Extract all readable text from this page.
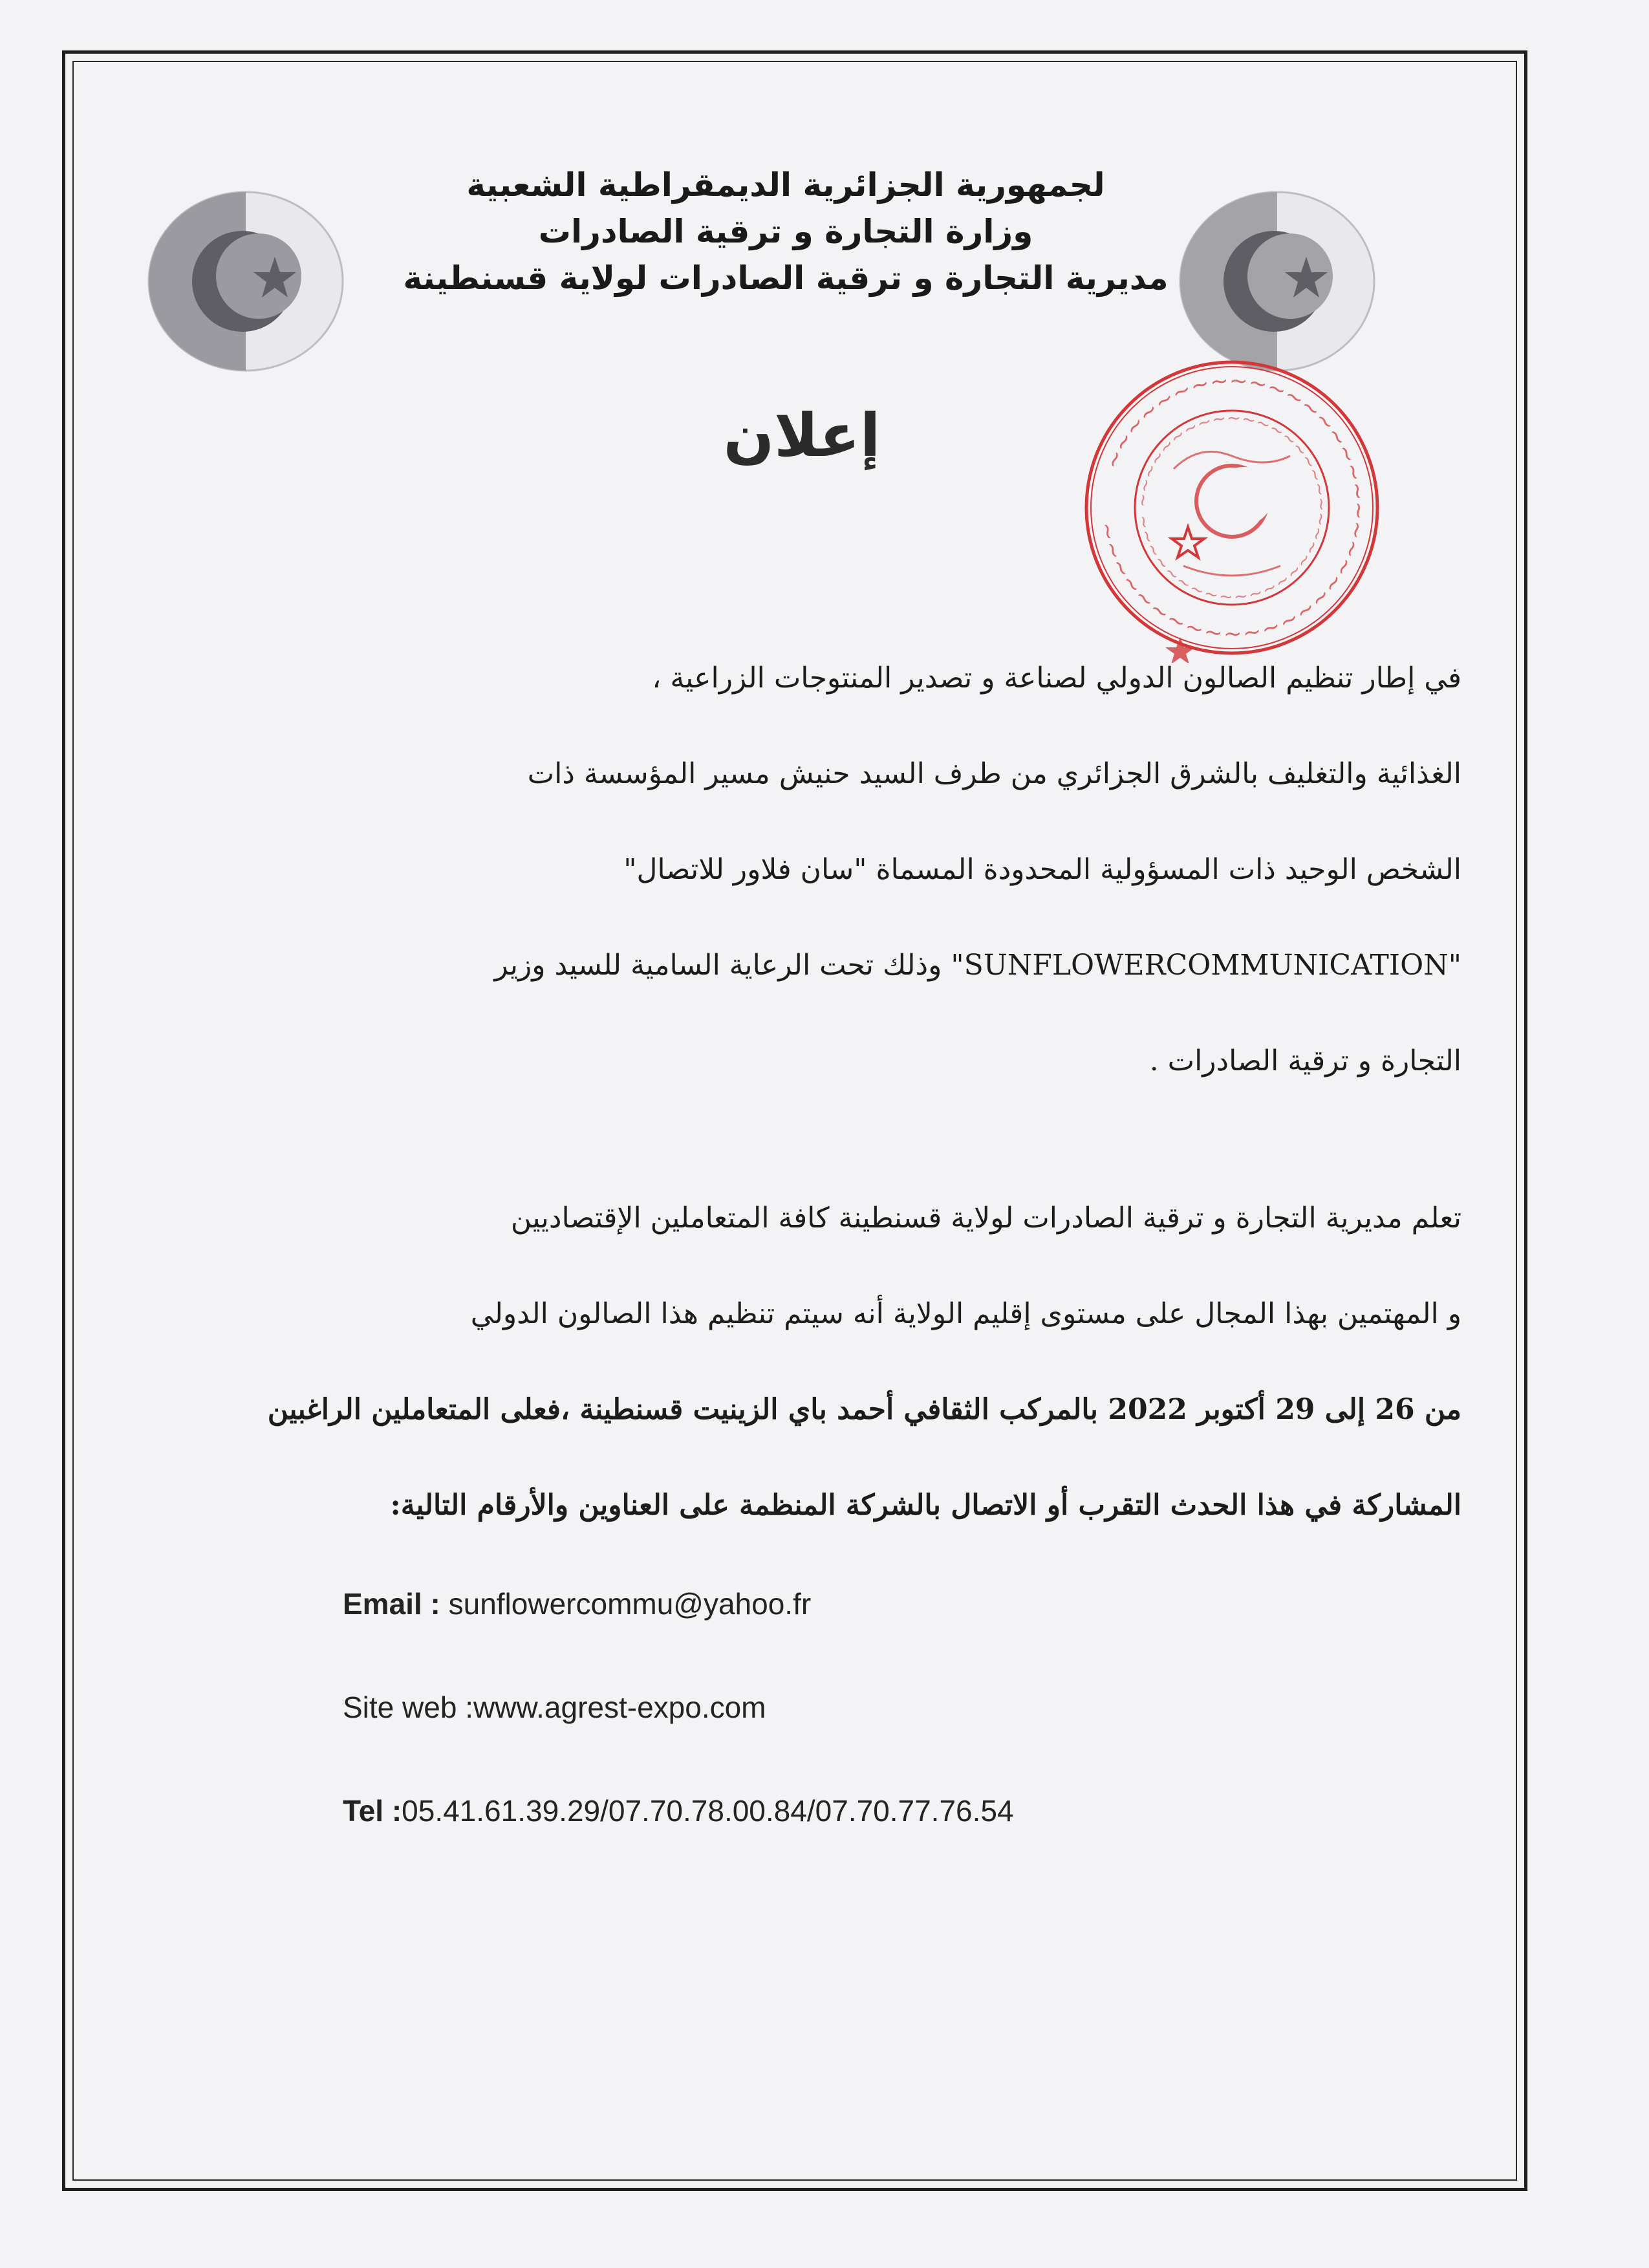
لجمهورية الجزائرية الديمقراطية الشعبية
وزارة التجارة و ترقية الصادرات
مديرية التجارة و ترقية الصادرات لولاية قسنطينة
~~~~~~~~~~~~~~~~~~~~~~~~~~~~~~~~~~~~~~
~~~~~~~~~~~~~~~~~~~~~~~~~~~~~~~~~~~~~
إعلان
في إطار تنظيم الصالون الدولي لصناعة و تصدير المنتوجات الزراعية ،
الغذائية والتغليف بالشرق الجزائري من طرف السيد حنيش مسير المؤسسة ذات
الشخص الوحيد ذات المسؤولية المحدودة المسماة "سان فلاور للاتصال"
"SUNFLOWERCOMMUNICATION" وذلك تحت الرعاية السامية للسيد وزير
التجارة و ترقية الصادرات .
تعلم مديرية التجارة و ترقية الصادرات لولاية قسنطينة كافة المتعاملين الإقتصاديين
و المهتمين بهذا المجال على مستوى إقليم الولاية أنه سيتم تنظيم هذا الصالون الدولي
من 26 إلى 29 أكتوبر 2022 بالمركب الثقافي أحمد باي الزينيت قسنطينة ،فعلى المتعاملين الراغبين
المشاركة في هذا الحدث التقرب أو الاتصال بالشركة المنظمة على العناوين والأرقام التالية:
Email : sunflowercommu@yahoo.fr
Site web :www.agrest-expo.com
Tel :05.41.61.39.29/07.70.78.00.84/07.70.77.76.54
